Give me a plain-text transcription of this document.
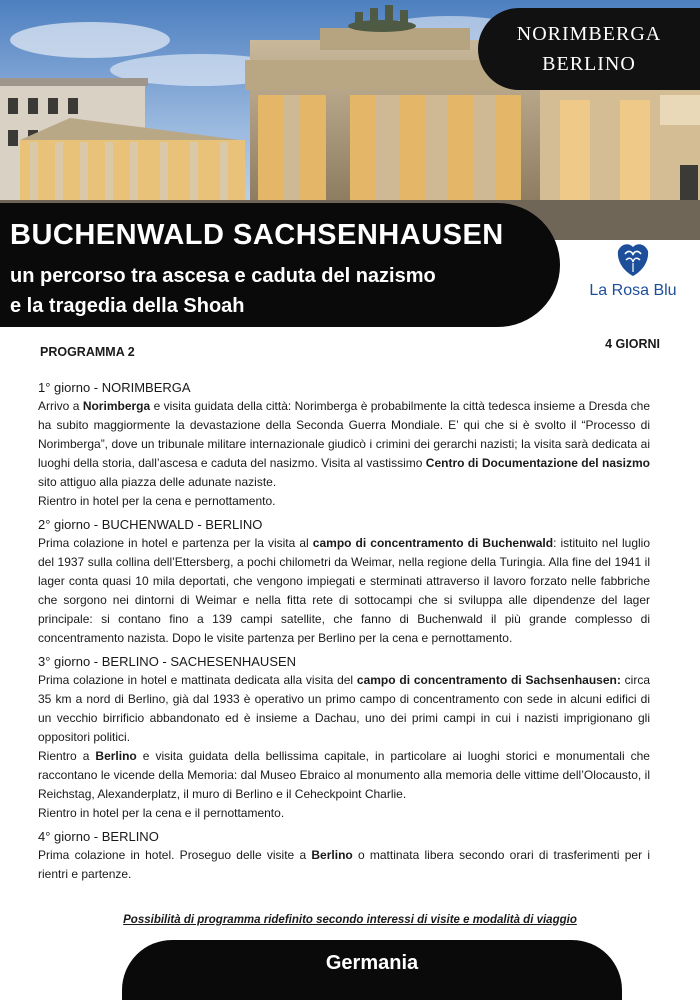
NORIMBERGA
BERLINO
BUCHENWALD SACHSENHAUSEN
un percorso tra ascesa e caduta del nazismo
e la tragedia della Shoah
La Rosa Blu
PROGRAMMA 2
4 GIORNI
1° giorno - NORIMBERGA
Arrivo a Norimberga e visita guidata della città: Norimberga è probabilmente la città tedesca insieme a Dresda che ha subito maggiormente la devastazione della Seconda Guerra Mondiale. E’ qui che si è svolto il “Processo di Norimberga”, dove un tribunale militare internazionale giudicò i crimini dei gerarchi nazisti; la visita sarà dedicata ai luoghi della storia, dall’ascesa e caduta del nasizmo. Visita al vastissimo Centro di Documentazione del nasizmo sito attiguo alla piazza delle adunate naziste.
Rientro in hotel per la cena e pernottamento.
2° giorno - BUCHENWALD - BERLINO
Prima colazione in hotel e partenza per la visita al campo di concentramento di Buchenwald: istituito nel luglio del 1937 sulla collina dell’Ettersberg, a pochi chilometri da Weimar, nella regione della Turingia. Alla fine del 1941 il lager conta quasi 10 mila deportati, che vengono impiegati e sterminati attraverso il lavoro forzato nelle fabbriche che sorgono nei dintorni di Weimar e nella fitta rete di sottocampi che si sviluppa alle dipendenze del lager principale: si contano fino a 139 campi satellite, che fanno di Buchenwald il più grande complesso di concentramento nazista. Dopo le visite partenza per Berlino per la cena e pernottamento.
3° giorno - BERLINO - SACHESENHAUSEN
Prima colazione in hotel e mattinata dedicata alla visita del campo di concentramento di Sachsenhausen: circa 35 km a nord di Berlino, già dal 1933 è operativo un primo campo di concentramento con sede in alcuni edifici di un vecchio birrificio abbandonato ed è insieme a Dachau, uno dei primi campi in cui i nazisti imprigionano gli oppositori politici.
Rientro a Berlino e visita guidata della bellissima capitale, in particolare ai luoghi storici e monumentali che raccontano le vicende della Memoria: dal Museo Ebraico al monumento alla memoria delle vittime dell’Olocausto, il Reichstag, Alexanderplatz, il muro di Berlino e il Ceheckpoint Charlie.
Rientro in hotel per la cena e il pernottamento.
4° giorno - BERLINO
Prima colazione in hotel. Proseguo delle visite a Berlino o mattinata libera secondo orari di trasferimenti per i rientri e partenze.
Possibilità di programma ridefinito secondo interessi di visite e modalità di viaggio
Germania
